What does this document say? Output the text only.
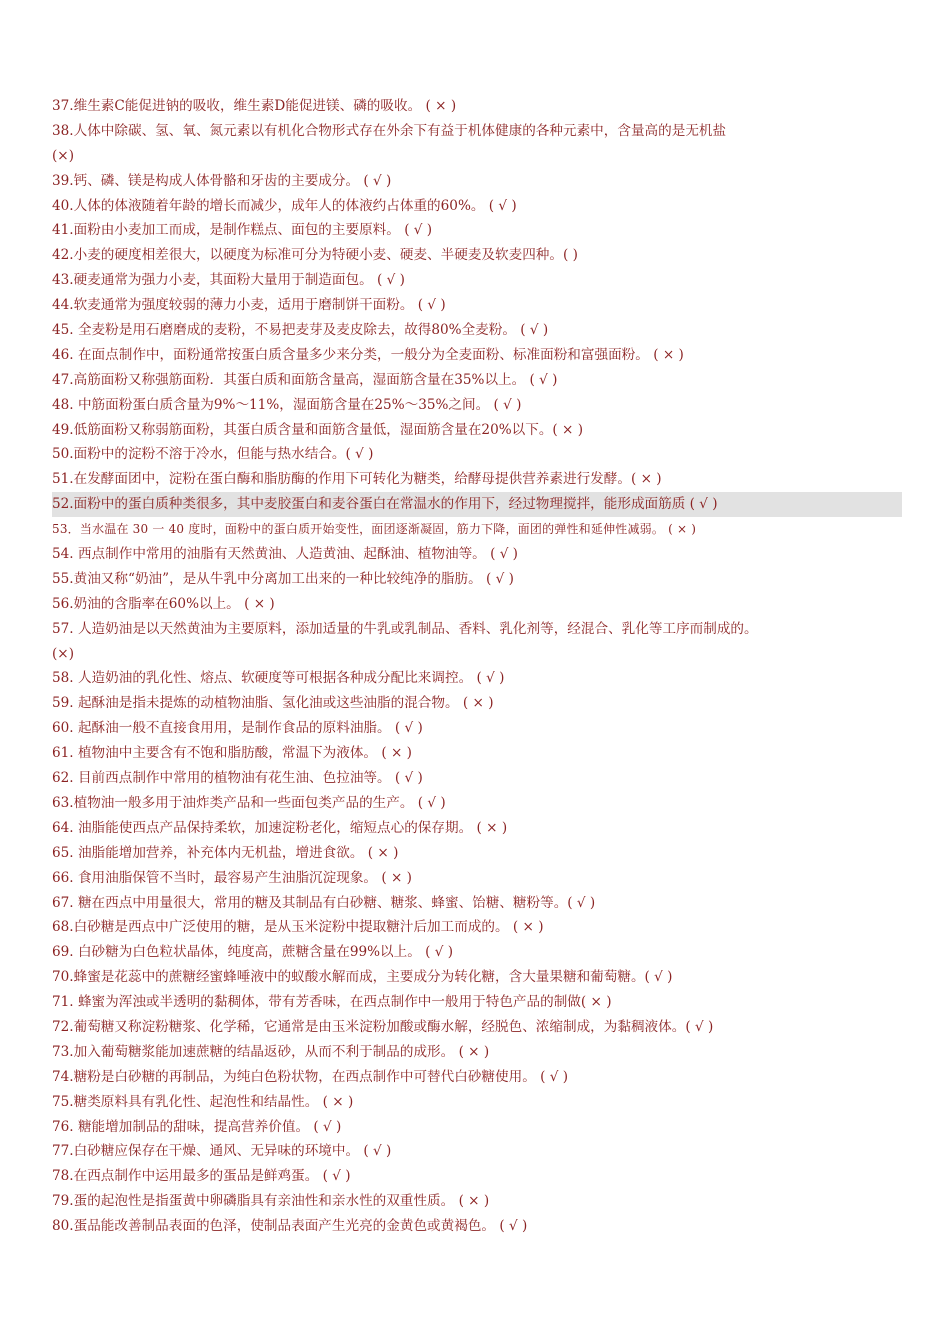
37.维生素C能促进钠的吸收，维生素D能促进镁、磷的吸收。 ( × )
38.人体中除碳、氢、氧、氮元素以有机化合物形式存在外余下有益于机体健康的各种元素中，含量高的是无机盐
(×)
39.钙、磷、镁是构成人体骨骼和牙齿的主要成分。 ( √ )
40.人体的体液随着年龄的增长而减少，成年人的体液约占体重的60%。 ( √ )
41.面粉由小麦加工而成，是制作糕点、面包的主要原料。 ( √ )
42.小麦的硬度相差很大，以硬度为标准可分为特硬小麦、硬麦、半硬麦及软麦四种。( )
43.硬麦通常为强力小麦，其面粉大量用于制造面包。 ( √ )
44.软麦通常为强度较弱的薄力小麦，适用于磨制饼干面粉。 ( √ )
45. 全麦粉是用石磨磨成的麦粉，不易把麦芽及麦皮除去，故得80%全麦粉。 ( √ )
46. 在面点制作中，面粉通常按蛋白质含量多少来分类，一般分为全麦面粉、标准面粉和富强面粉。 ( × )
47.高筋面粉又称强筋面粉．其蛋白质和面筋含量高，湿面筋含量在35%以上。 ( √ )
48. 中筋面粉蛋白质含量为9%～11%，湿面筋含量在25%～35%之间。 ( √ )
49.低筋面粉又称弱筋面粉，其蛋白质含量和面筋含量低，湿面筋含量在20%以下。( × )
50.面粉中的淀粉不溶于冷水，但能与热水结合。( √ )
51.在发酵面团中，淀粉在蛋白酶和脂肪酶的作用下可转化为糖类，给酵母提供营养素进行发酵。( × )
52.面粉中的蛋白质种类很多，其中麦胶蛋白和麦谷蛋白在常温水的作用下，经过物理搅拌，能形成面筋质 ( √ )
53．当水温在 30 一 40 度时，面粉中的蛋白质开始变性，面团逐渐凝固，筋力下降，面团的弹性和延伸性减弱。 ( × )
54. 西点制作中常用的油脂有天然黄油、人造黄油、起酥油、植物油等。 ( √ )
55.黄油又称“奶油”，是从牛乳中分离加工出来的一种比较纯净的脂肪。 ( √ )
56.奶油的含脂率在60%以上。 ( × )
57. 人造奶油是以天然黄油为主要原料，添加适量的牛乳或乳制品、香料、乳化剂等，经混合、乳化等工序而制成的。
(×)
58. 人造奶油的乳化性、熔点、软硬度等可根据各种成分配比来调控。 ( √ )
59. 起酥油是指未提炼的动植物油脂、氢化油或这些油脂的混合物。 ( × )
60. 起酥油一般不直接食用用，是制作食品的原料油脂。 ( √ )
61. 植物油中主要含有不饱和脂肪酸，常温下为液体。 ( × )
62. 目前西点制作中常用的植物油有花生油、色拉油等。 ( √ )
63.植物油一般多用于油炸类产品和一些面包类产品的生产。 ( √ )
64. 油脂能使西点产品保持柔软，加速淀粉老化，缩短点心的保存期。 ( × )
65. 油脂能增加营养，补充体内无机盐，增进食欲。 ( × )
66. 食用油脂保管不当时，最容易产生油脂沉淀现象。 ( × )
67. 糖在西点中用量很大，常用的糖及其制品有白砂糖、糖浆、蜂蜜、饴糖、糖粉等。( √ )
68.白砂糖是西点中广泛使用的糖，是从玉米淀粉中提取糖汁后加工而成的。 ( × )
69. 白砂糖为白色粒状晶体，纯度高，蔗糖含量在99%以上。 ( √ )
70.蜂蜜是花蕊中的蔗糖经蜜蜂唾液中的蚁酸水解而成，主要成分为转化糖，含大量果糖和葡萄糖。( √ )
71. 蜂蜜为浑浊或半透明的黏稠体，带有芳香味，在西点制作中一般用于特色产品的制做( × )
72.葡萄糖又称淀粉糖浆、化学稀，它通常是由玉米淀粉加酸或酶水解，经脱色、浓缩制成，为黏稠液体。( √ )
73.加入葡萄糖浆能加速蔗糖的结晶返砂，从而不利于制品的成形。 ( × )
74.糖粉是白砂糖的再制品，为纯白色粉状物，在西点制作中可替代白砂糖使用。 ( √ )
75.糖类原料具有乳化性、起泡性和结晶性。 ( × )
76. 糖能增加制品的甜味，提高营养价值。 ( √ )
77.白砂糖应保存在干燥、通风、无异味的环境中。 ( √ )
78.在西点制作中运用最多的蛋品是鲜鸡蛋。 ( √ )
79.蛋的起泡性是指蛋黄中卵磷脂具有亲油性和亲水性的双重性质。 ( × )
80.蛋品能改善制品表面的色泽，使制品表面产生光亮的金黄色或黄褐色。 ( √ )
